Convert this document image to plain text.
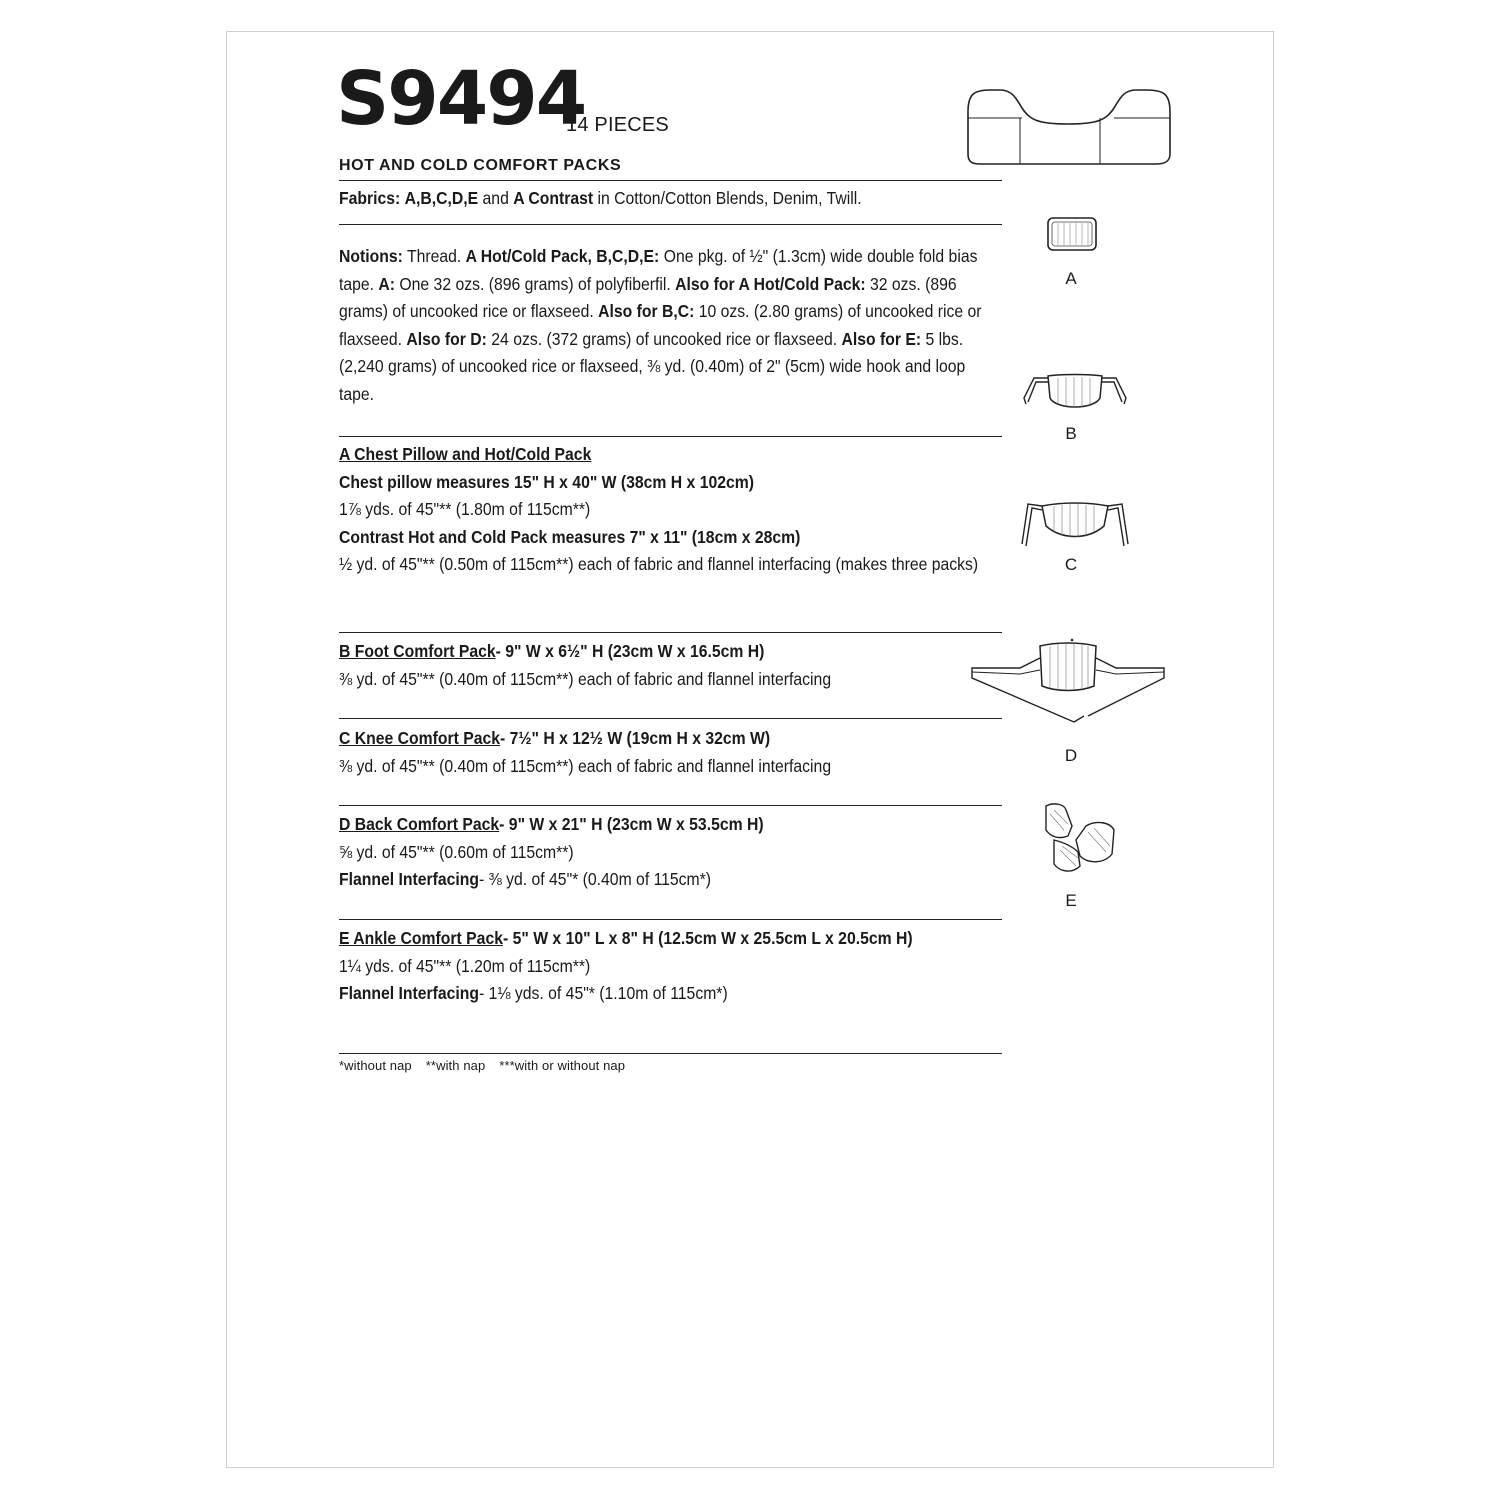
S9494
14 PIECES
HOT AND COLD COMFORT PACKS
Fabrics: A,B,C,D,E and A Contrast in Cotton/Cotton Blends, Denim, Twill.
Notions: Thread. A Hot/Cold Pack, B,C,D,E: One pkg. of ½" (1.3cm) wide double fold bias tape. A: One 32 ozs. (896 grams) of polyfiberfil. Also for A Hot/Cold Pack: 32 ozs. (896 grams) of uncooked rice or flaxseed. Also for B,C: 10 ozs. (2.80 grams) of uncooked rice or flaxseed. Also for D: 24 ozs. (372 grams) of uncooked rice or flaxseed. Also for E: 5 lbs. (2,240 grams) of uncooked rice or flaxseed, ⅜ yd. (0.40m) of 2" (5cm) wide hook and loop tape.
A Chest Pillow and Hot/Cold Pack
Chest pillow measures 15" H x 40" W (38cm H x 102cm)
1⅞ yds. of 45"** (1.80m of 115cm**)
Contrast Hot and Cold Pack measures 7" x 11" (18cm x 28cm)
½ yd. of 45"** (0.50m of 115cm**) each of fabric and flannel interfacing (makes three packs)
B Foot Comfort Pack- 9" W x 6½" H (23cm W x 16.5cm H)
⅜ yd. of 45"** (0.40m of 115cm**) each of fabric and flannel interfacing
C Knee Comfort Pack- 7½" H x 12½ W (19cm H x 32cm W)
⅜ yd. of 45"** (0.40m of 115cm**) each of fabric and flannel interfacing
D Back Comfort Pack- 9" W x 21" H (23cm W x 53.5cm H)
⅝ yd. of 45"** (0.60m of 115cm**)
Flannel Interfacing- ⅜ yd. of 45"* (0.40m of 115cm*)
E Ankle Comfort Pack- 5" W x 10" L x 8" H (12.5cm W x 25.5cm L x 20.5cm H)
1¼ yds. of 45"** (1.20m of 115cm**)
Flannel Interfacing- 1⅛ yds. of 45"* (1.10m of 115cm*)
*without nap **with nap ***with or without nap
A
B
C
D
E
